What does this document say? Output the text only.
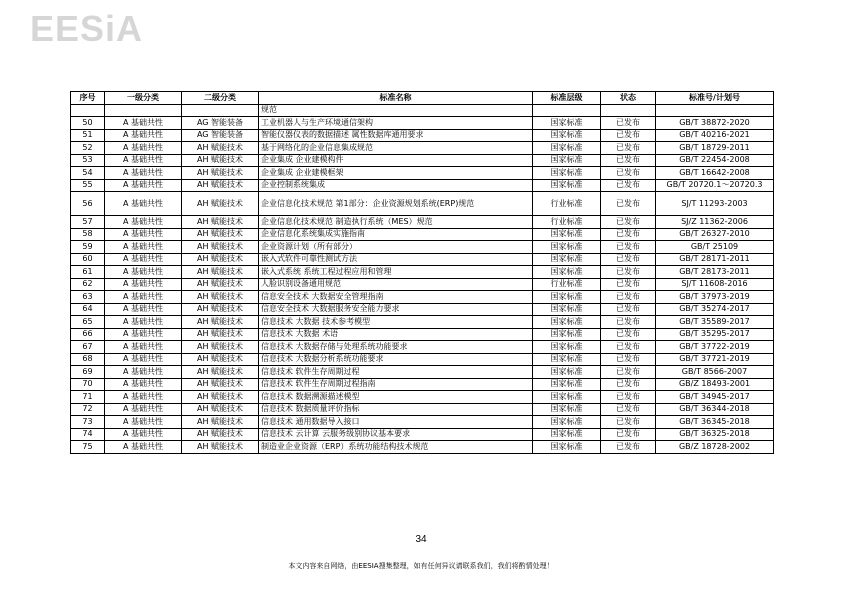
EESiA
序号	一级分类	二级分类	标准名称	标准层级	状态	标准号/计划号
			规范			
50	A 基础共性	AG 智能装备	工业机器人与生产环境通信架构	国家标准	已发布	GB/T 38872-2020
51	A 基础共性	AG 智能装备	智能仪器仪表的数据描述 属性数据库通用要求	国家标准	已发布	GB/T 40216-2021
52	A 基础共性	AH 赋能技术	基于网络化的企业信息集成规范	国家标准	已发布	GB/T 18729-2011
53	A 基础共性	AH 赋能技术	企业集成 企业建模构件	国家标准	已发布	GB/T 22454-2008
54	A 基础共性	AH 赋能技术	企业集成 企业建模框架	国家标准	已发布	GB/T 16642-2008
55	A 基础共性	AH 赋能技术	企业控制系统集成	国家标准	已发布	GB/T 20720.1～20720.3
56	A 基础共性	AH 赋能技术	企业信息化技术规范 第1部分：企业资源规划系统(ERP)规范	行业标准	已发布	SJ/T 11293-2003
57	A 基础共性	AH 赋能技术	企业信息化技术规范 制造执行系统（MES）规范	行业标准	已发布	SJ/Z 11362-2006
58	A 基础共性	AH 赋能技术	企业信息化系统集成实施指南	国家标准	已发布	GB/T 26327-2010
59	A 基础共性	AH 赋能技术	企业资源计划（所有部分）	国家标准	已发布	GB/T 25109
60	A 基础共性	AH 赋能技术	嵌入式软件可靠性测试方法	国家标准	已发布	GB/T 28171-2011
61	A 基础共性	AH 赋能技术	嵌入式系统 系统工程过程应用和管理	国家标准	已发布	GB/T 28173-2011
62	A 基础共性	AH 赋能技术	人脸识别设备通用规范	行业标准	已发布	SJ/T 11608-2016
63	A 基础共性	AH 赋能技术	信息安全技术 大数据安全管理指南	国家标准	已发布	GB/T 37973-2019
64	A 基础共性	AH 赋能技术	信息安全技术 大数据服务安全能力要求	国家标准	已发布	GB/T 35274-2017
65	A 基础共性	AH 赋能技术	信息技术 大数据 技术参考模型	国家标准	已发布	GB/T 35589-2017
66	A 基础共性	AH 赋能技术	信息技术 大数据 术语	国家标准	已发布	GB/T 35295-2017
67	A 基础共性	AH 赋能技术	信息技术 大数据存储与处理系统功能要求	国家标准	已发布	GB/T 37722-2019
68	A 基础共性	AH 赋能技术	信息技术 大数据分析系统功能要求	国家标准	已发布	GB/T 37721-2019
69	A 基础共性	AH 赋能技术	信息技术 软件生存周期过程	国家标准	已发布	GB/T 8566-2007
70	A 基础共性	AH 赋能技术	信息技术 软件生存周期过程指南	国家标准	已发布	GB/Z 18493-2001
71	A 基础共性	AH 赋能技术	信息技术 数据溯源描述模型	国家标准	已发布	GB/T 34945-2017
72	A 基础共性	AH 赋能技术	信息技术 数据质量评价指标	国家标准	已发布	GB/T 36344-2018
73	A 基础共性	AH 赋能技术	信息技术 通用数据导入接口	国家标准	已发布	GB/T 36345-2018
74	A 基础共性	AH 赋能技术	信息技术 云计算 云服务级别协议基本要求	国家标准	已发布	GB/T 36325-2018
75	A 基础共性	AH 赋能技术	制造业企业资源（ERP）系统功能结构技术规范	国家标准	已发布	GB/Z 18728-2002
34
本文内容来自网络，由EESIA搜集整理，如有任何异议请联系我们，我们将酌情处理！
